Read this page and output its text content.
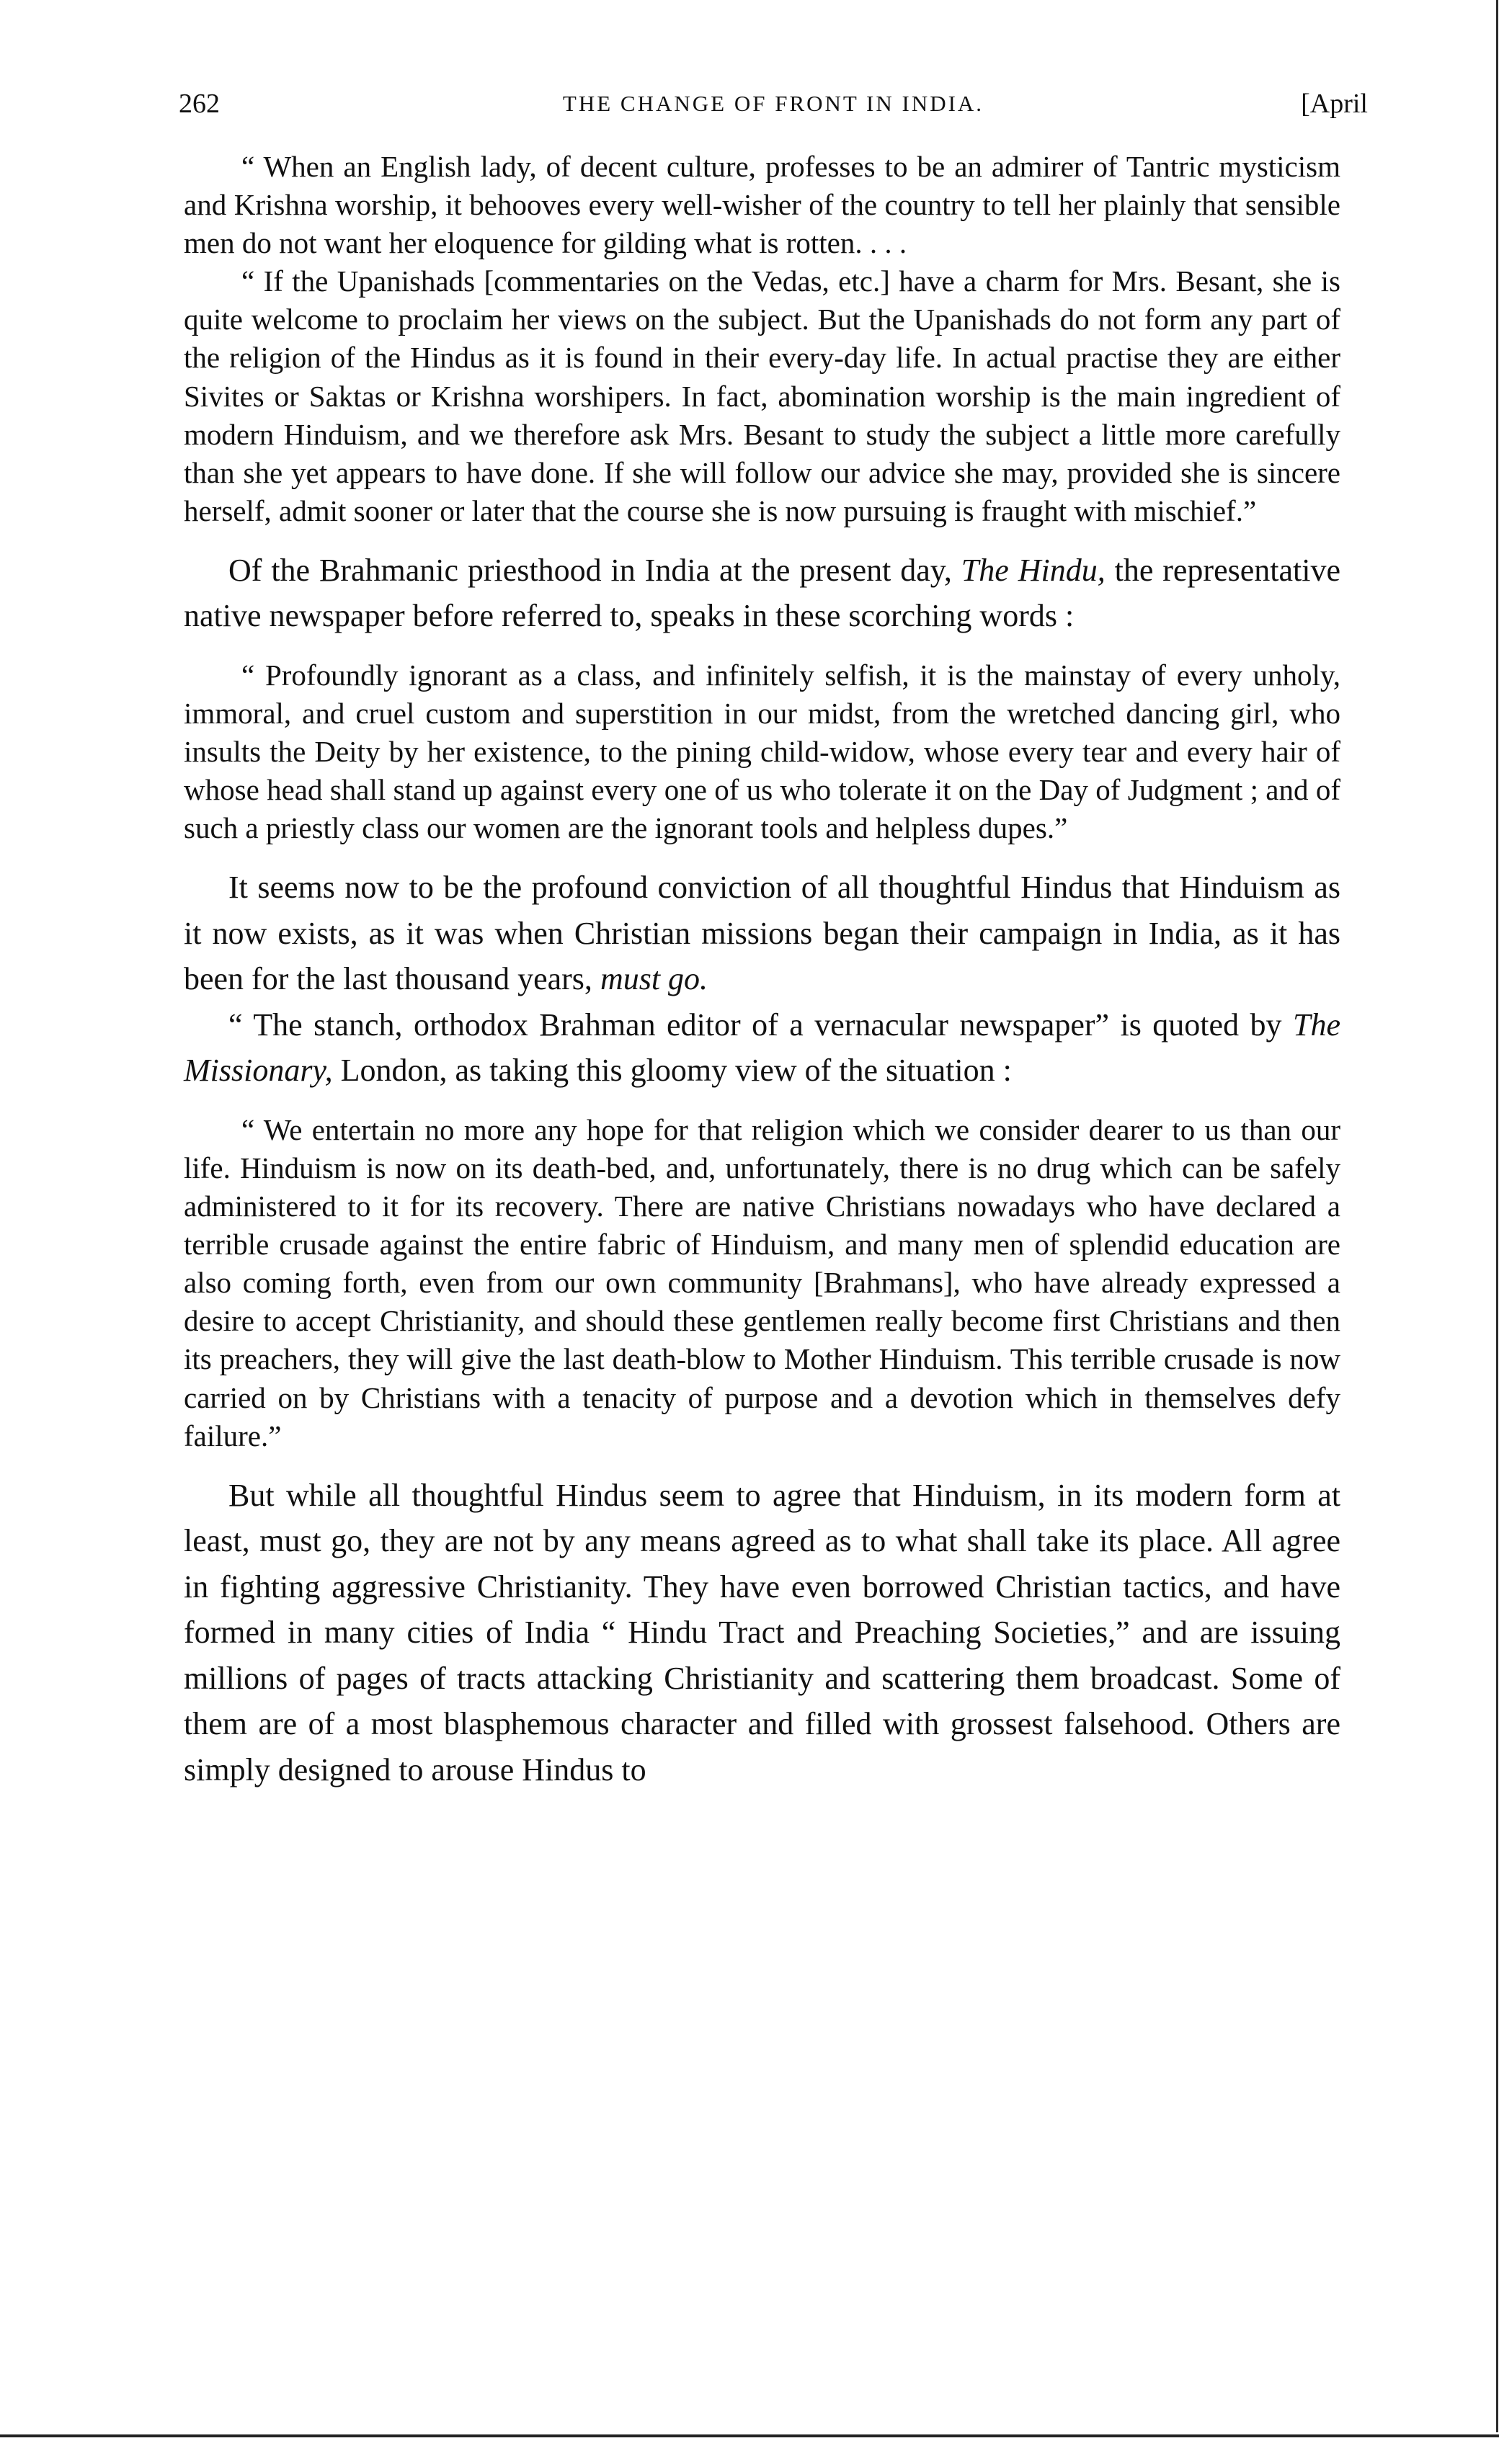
262	THE CHANGE OF FRONT IN INDIA.	[April

“ When an English lady, of decent culture, professes to be an admirer of Tantric mysticism and Krishna worship, it behooves every well-wisher of the country to tell her plainly that sensible men do not want her eloquence for gilding what is rotten. . . .

“ If the Upanishads [commentaries on the Vedas, etc.] have a charm for Mrs. Besant, she is quite welcome to proclaim her views on the subject. But the Upanishads do not form any part of the religion of the Hindus as it is found in their every-day life. In actual practise they are either Sivites or Saktas or Krishna worshipers. In fact, abomination worship is the main ingredient of modern Hinduism, and we therefore ask Mrs. Besant to study the subject a little more carefully than she yet appears to have done. If she will follow our advice she may, provided she is sincere herself, admit sooner or later that the course she is now pursuing is fraught with mischief.”

Of the Brahmanic priesthood in India at the present day, The Hindu, the representative native newspaper before referred to, speaks in these scorching words :

“ Profoundly ignorant as a class, and infinitely selfish, it is the mainstay of every unholy, immoral, and cruel custom and superstition in our midst, from the wretched dancing girl, who insults the Deity by her existence, to the pining child-widow, whose every tear and every hair of whose head shall stand up against every one of us who tolerate it on the Day of Judgment ; and of such a priestly class our women are the ignorant tools and helpless dupes.”

It seems now to be the profound conviction of all thoughtful Hindus that Hinduism as it now exists, as it was when Christian missions began their campaign in India, as it has been for the last thousand years, must go.

“ The stanch, orthodox Brahman editor of a vernacular newspaper” is quoted by The Missionary, London, as taking this gloomy view of the situation :

“ We entertain no more any hope for that religion which we consider dearer to us than our life. Hinduism is now on its death-bed, and, unfortunately, there is no drug which can be safely administered to it for its recovery. There are native Christians nowadays who have declared a terrible crusade against the entire fabric of Hinduism, and many men of splendid education are also coming forth, even from our own community [Brahmans], who have already expressed a desire to accept Christianity, and should these gentlemen really become first Christians and then its preachers, they will give the last death-blow to Mother Hinduism. This terrible crusade is now carried on by Christians with a tenacity of purpose and a devotion which in themselves defy failure.”

But while all thoughtful Hindus seem to agree that Hinduism, in its modern form at least, must go, they are not by any means agreed as to what shall take its place. All agree in fighting aggressive Christianity. They have even borrowed Christian tactics, and have formed in many cities of India “ Hindu Tract and Preaching Societies,” and are issuing millions of pages of tracts attacking Christianity and scattering them broadcast. Some of them are of a most blasphemous character and filled with grossest falsehood. Others are simply designed to arouse Hindus to
